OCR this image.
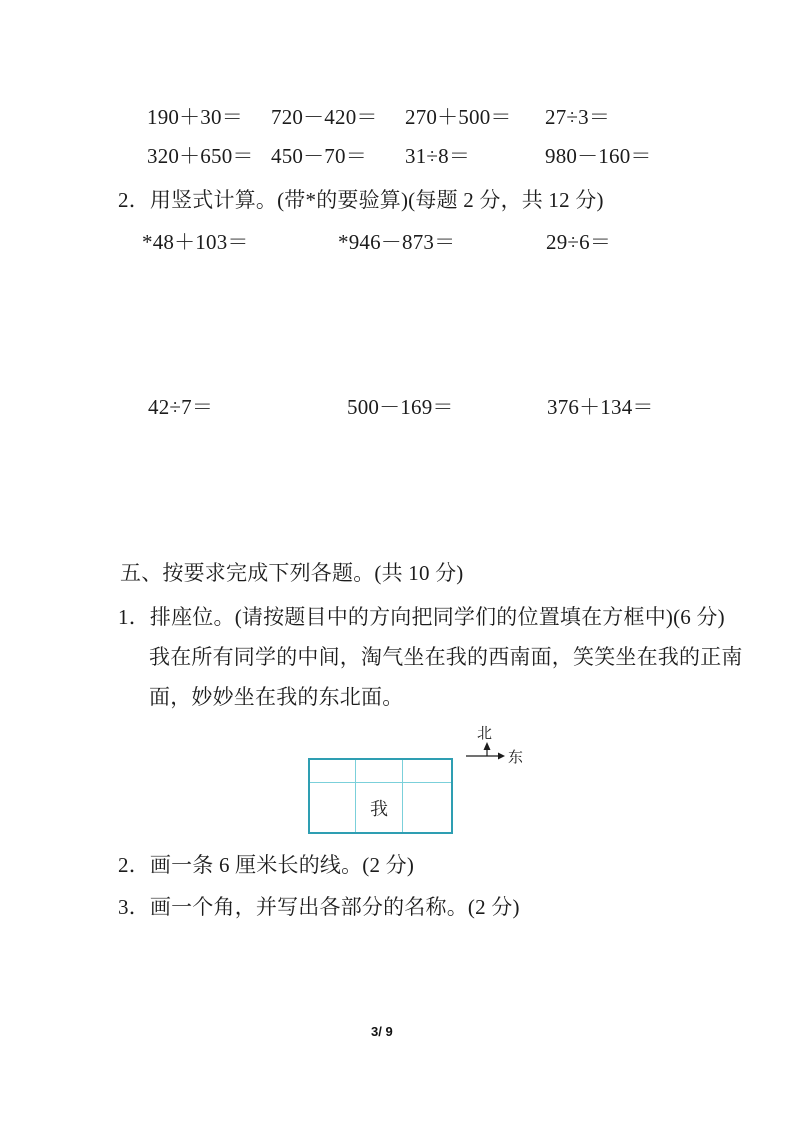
190＋30＝ 720－420＝ 270＋500＝ 27÷3＝
320＋650＝ 450－70＝ 31÷8＝	980－160＝
2．用竖式计算。(带*的要验算)(每题 2 分，共 12 分)
*48＋103＝	*946－873＝	29÷6＝
42÷7＝	500－169＝	376＋134＝
五、按要求完成下列各题。(共 10 分)
1．排座位。(请按题目中的方向把同学们的位置填在方框中)(6 分)
我在所有同学的中间，淘气坐在我的西南面，笑笑坐在我的正南
面，妙妙坐在我的东北面。
我
北
东
2．画一条 6 厘米长的线。(2 分)
3．画一个角，并写出各部分的名称。(2 分)
3/ 9
